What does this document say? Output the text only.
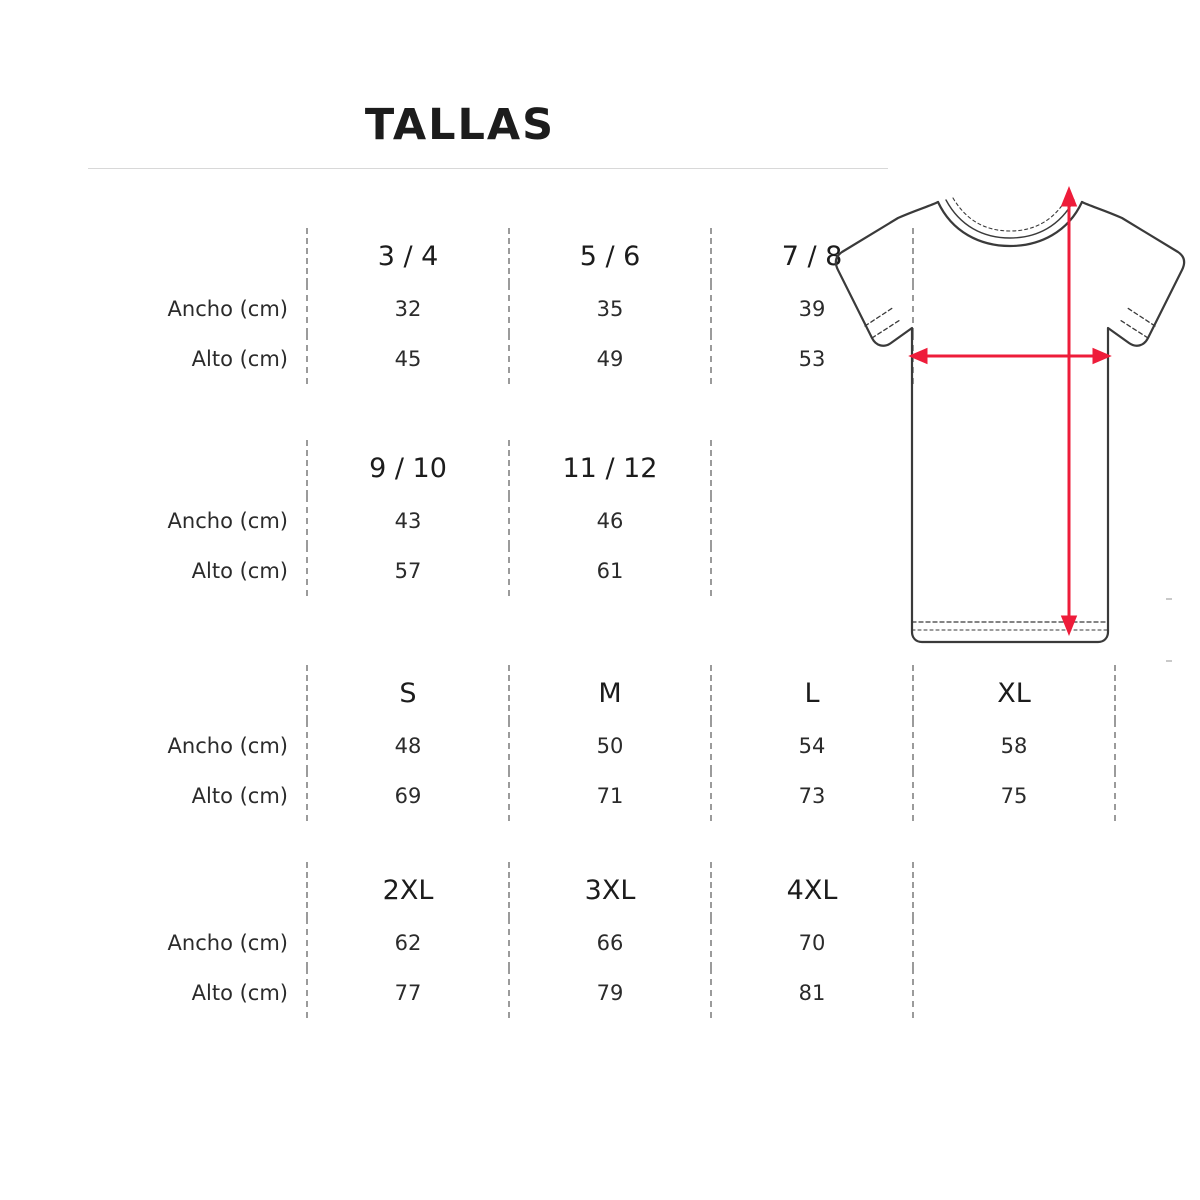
TALLAS
	3 / 4	5 / 6	7 / 8
Ancho (cm)	32	35	39
Alto (cm)	45	49	53
	9 / 10	11 / 12	
Ancho (cm)	43	46	
Alto (cm)	57	61	
	S	M	L	XL
Ancho (cm)	48	50	54	58
Alto (cm)	69	71	73	75
	2XL	3XL	4XL
Ancho (cm)	62	66	70
Alto (cm)	77	79	81
